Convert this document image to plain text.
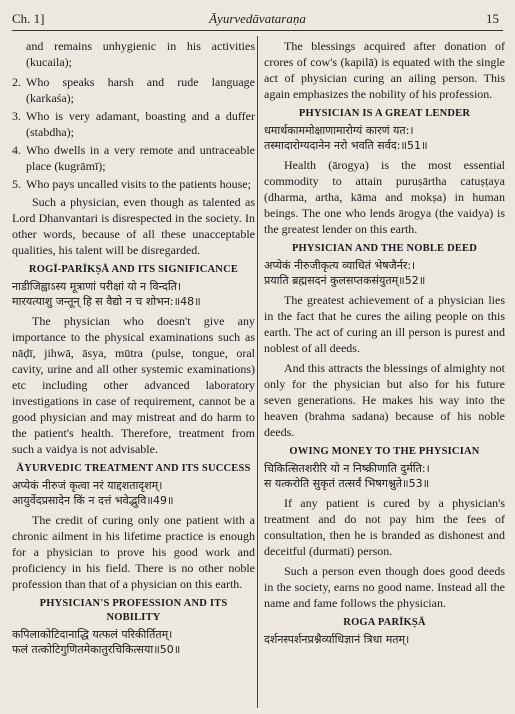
Ch. 1]	Āyurvedāvataraṇa	15

and remains unhygienic in his activities (kucaila);

2. Who speaks harsh and rude language (karkaśa);
3. Who is very adamant, boasting and a duffer (stabdha);
4. Who dwells in a very remote and untraceable place (kugrāmī);
5. Who pays uncalled visits to the patients house;

Such a physician, even though as talented as Lord Dhanvantari is disrespected in the society. In other words, because of all these unacceptable qualities, his talent will be disregarded.

ROGĪ-PARĪKṢĀ AND ITS SIGNIFICANCE
नाडीजिह्वाऽस्य मूत्राणां परीक्षां यो न विन्दति।
मारयत्याशु जन्तून् हि स वैद्यो न च शोभन:॥48॥

The physician who doesn't give any importance to the physical examinations such as nāḍī, jihwā, āsya, mūtra (pulse, tongue, oral cavity, urine and all other systemic examinations) etc including other advanced laboratory investigations in case of requirement, cannot be a good physician and may mistreat and do harm to the patient's health. Therefore, treatment from such a vaidya is not advisable.

ĀYURVEDIC TREATMENT AND ITS SUCCESS
अप्येकं नीरुजं कृत्वा नरं याद्दशतादृशम्।
आयुर्वेदप्रसादेन किं न दत्तं भवेद्भुवि॥49॥

The credit of curing only one patient with a chronic ailment in his lifetime practice is enough for a physician to prove his good work and proficiency in his field. There is no other noble profession than that of a physician on this earth.

PHYSICIAN'S PROFESSION AND ITS NOBILITY
कपिलाकोटिदानाद्धि यत्फलं परिकीर्तितम्।
फलं तत्कोटिगुणितमेकातुरचिकित्सया॥50॥

The blessings acquired after donation of crores of cow's (kapilā) is equated with the single act of physician curing an ailing person. This again emphasizes the nobility of his profession.

PHYSICIAN IS A GREAT LENDER
धमार्थकाममोक्षाणामारोग्यं कारणं यत:।
तस्मादारोग्यदानेन नरो भवति सर्वद:॥51॥

Health (ārogya) is the most essential commodity to attain puruṣārtha catuṣṭaya (dharma, artha, kāma and mokṣa) in human beings. The one who lends ārogya (the vaidya) is the greatest lender on this earth.

PHYSICIAN AND THE NOBLE DEED
अप्येकं नीरुजीकृत्य व्याधितं भेषजैर्नर:।
प्रयाति ब्रह्मसदनं कुलसप्तकसंयुतम्॥52॥

The greatest achievement of a physician lies in the fact that he cures the ailing people on this earth. The act of curing an ill person is purest and noblest of all deeds.

And this attracts the blessings of almighty not only for the physician but also for his future seven generations. He makes his way into the heaven (brahma sadana) because of his noble deeds.

OWING MONEY TO THE PHYSICIAN
चिकित्सितशरीरि यो न निष्क्रीणाति दुर्मति:।
स यत्करोति सुकृतं तत्सर्वं भिषगश्नुते॥53॥

If any patient is cured by a physician's treatment and do not pay him the fees of consultation, then he is branded as dishonest and deceitful (durmati) person.

Such a person even though does good deeds in the society, earns no good name. Instead all the name and fame follows the physician.

ROGA PARĪKṢĀ
दर्शनस्पर्शनप्रश्नैर्व्याधिज्ञानं त्रिधा मतम्।
